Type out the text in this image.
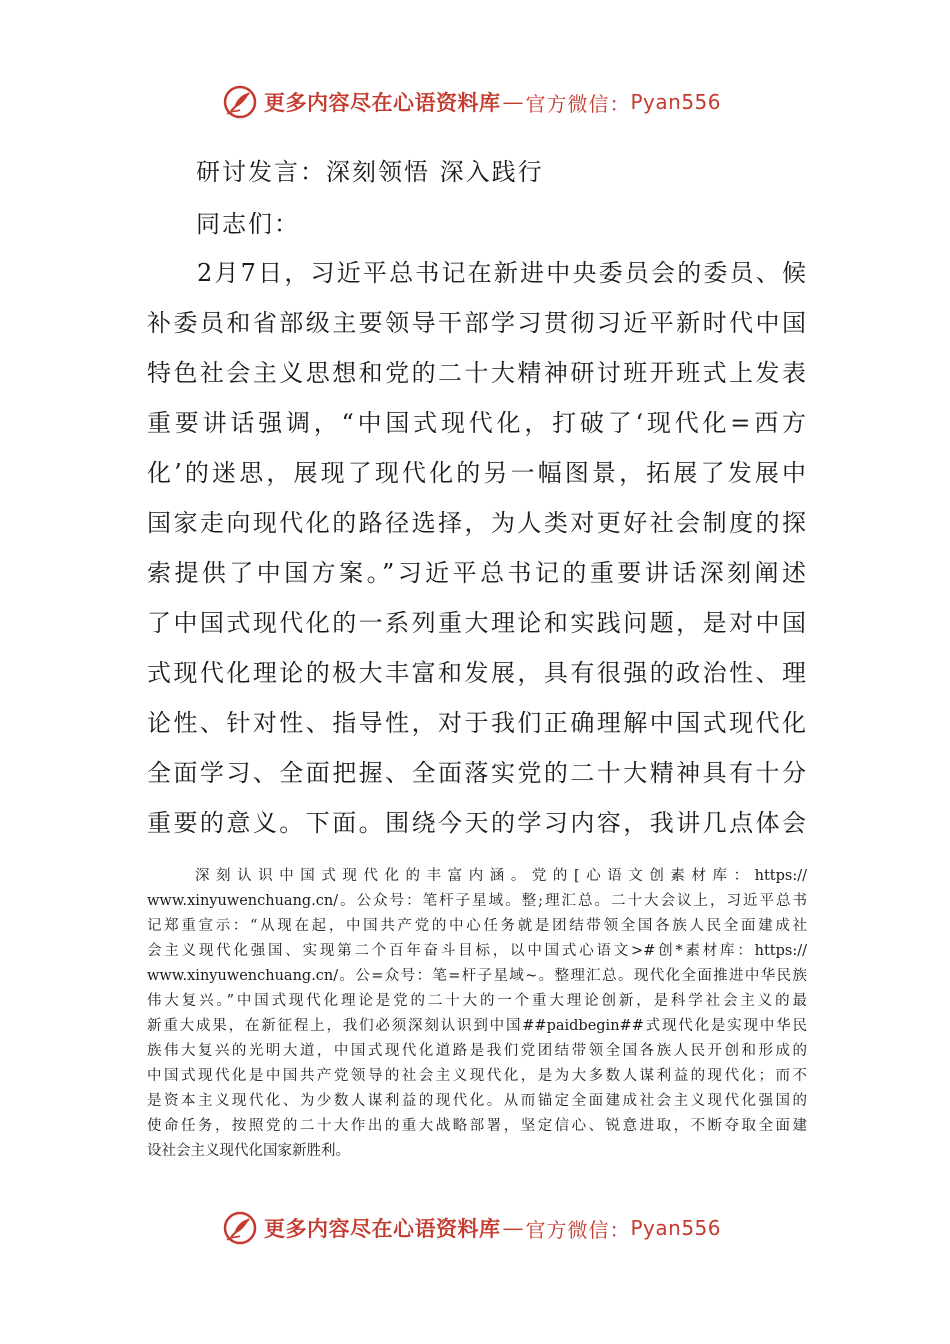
更多内容尽在心语资料库 — 官方微信： Pyan556
研讨发言：深刻领悟 深入践行
同志们：
2月7日，习近平总书记在新进中央委员会的委员、候
补委员和省部级主要领导干部学习贯彻习近平新时代中国
特色社会主义思想和党的二十大精神研讨班开班式上发表
重要讲话强调，“中国式现代化，打破了‘现代化=西方
化’的迷思，展现了现代化的另一幅图景，拓展了发展中
国家走向现代化的路径选择，为人类对更好社会制度的探
索提供了中国方案。”习近平总书记的重要讲话深刻阐述
了中国式现代化的一系列重大理论和实践问题，是对中国
式现代化理论的极大丰富和发展，具有很强的政治性、理
论性、针对性、指导性，对于我们正确理解中国式现代化
全面学习、全面把握、全面落实党的二十大精神具有十分
重要的意义。下面。围绕今天的学习内容，我讲几点体会
深刻认识中国式现代化的丰富内涵。党的[心语文创素材库：https://
www.xinyuwenchuang.cn/。公众号：笔杆子星域。整;理汇总。二十大会议上，习近平总书
记郑重宣示：“从现在起，中国共产党的中心任务就是团结带领全国各族人民全面建成社
会主义现代化强国、实现第二个百年奋斗目标，以中国式心语文>#创*素材库：https://
www.xinyuwenchuang.cn/。公=众号：笔=杆子星域~。整理汇总。现代化全面推进中华民族
伟大复兴。”中国式现代化理论是党的二十大的一个重大理论创新，是科学社会主义的最
新重大成果，在新征程上，我们必须深刻认识到中国##paidbegin##式现代化是实现中华民
族伟大复兴的光明大道，中国式现代化道路是我们党团结带领全国各族人民开创和形成的
中国式现代化是中国共产党领导的社会主义现代化，是为大多数人谋利益的现代化；而不
是资本主义现代化、为少数人谋利益的现代化。从而锚定全面建成社会主义现代化强国的
使命任务，按照党的二十大作出的重大战略部署，坚定信心、锐意进取，不断夺取全面建
设社会主义现代化国家新胜利。
更多内容尽在心语资料库 — 官方微信： Pyan556
